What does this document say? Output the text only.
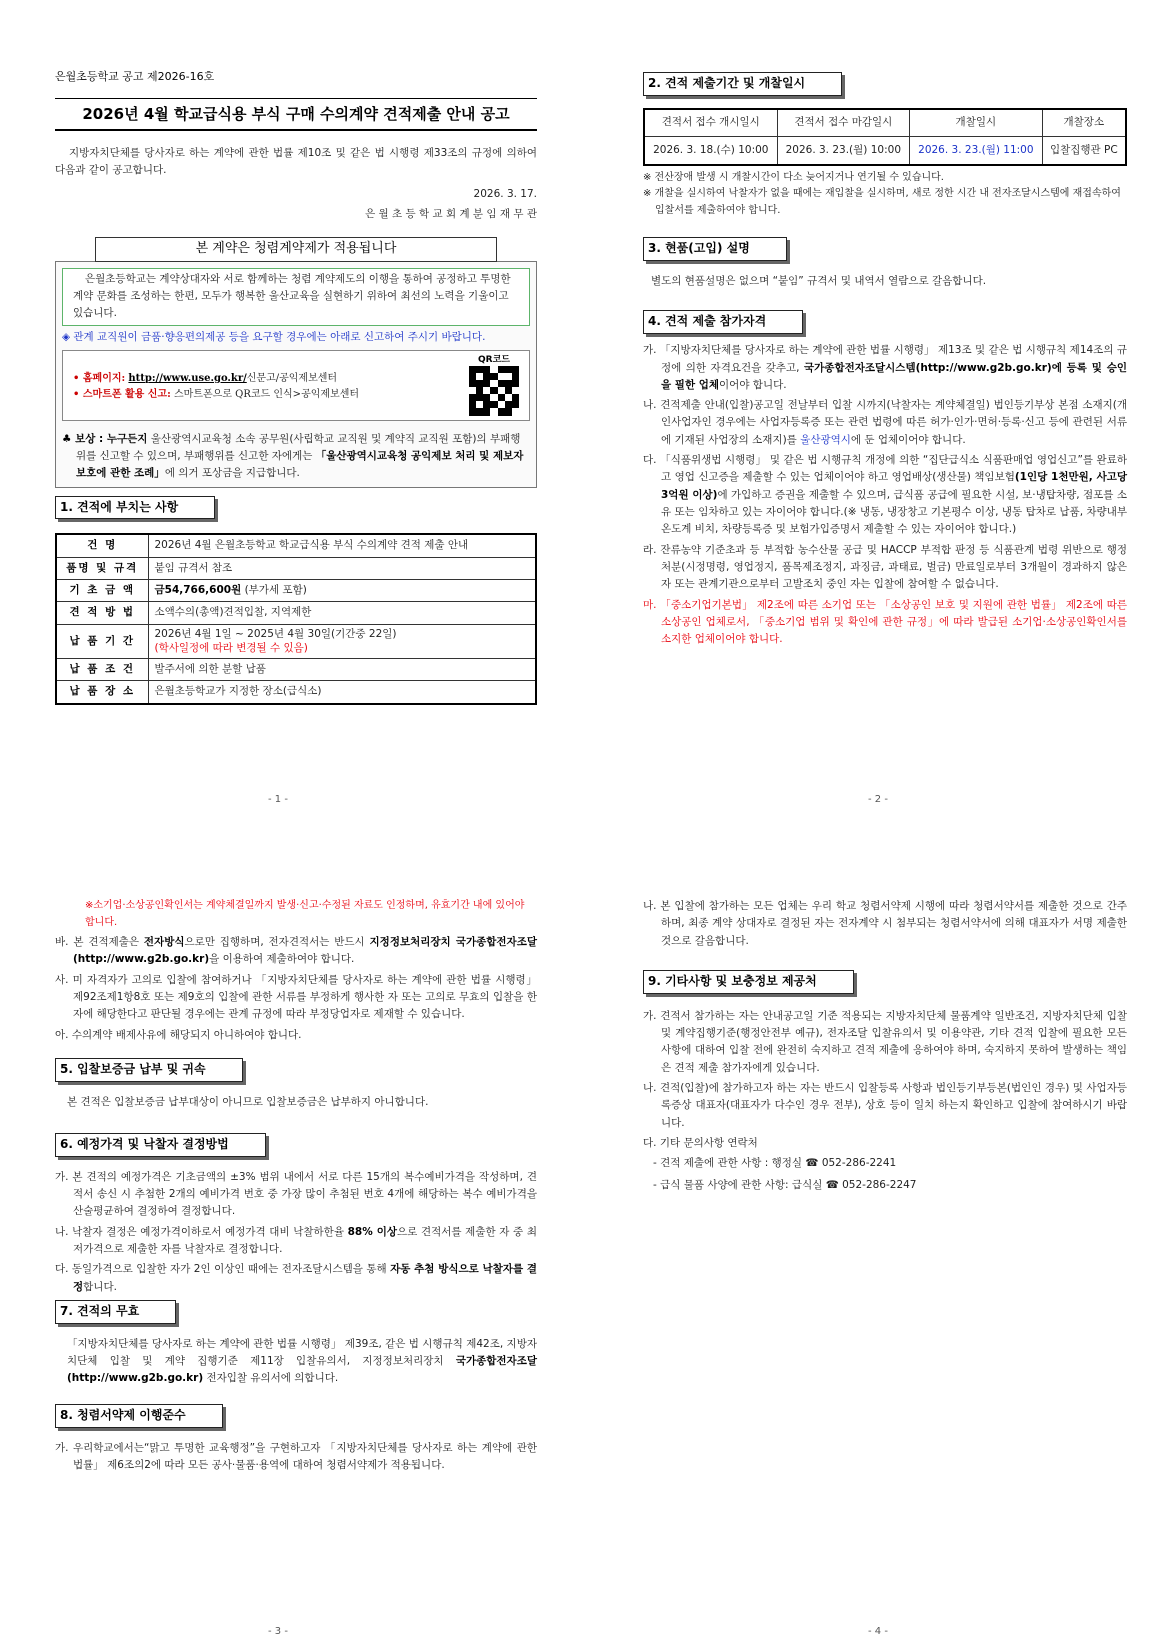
은월초등학교 공고 제2026-16호

2026년 4월 학교급식용 부식 구매 수의계약 견적제출 안내 공고

지방자치단체를 당사자로 하는 계약에 관한 법률 제10조 및 같은 법 시행령 제33조의 규정에 의하여 다음과 같이 공고합니다.

2026. 3. 17.

은 월 초 등 학 교 회 계 분 임 재 무 관

본 계약은 청렴계약제가 적용됩니다
은월초등학교는 계약상대자와 서로 함께하는 청렴 계약제도의 이행을 통하여 공정하고 투명한 계약 문화를 조성하는 한편, 모두가 행복한 울산교육을 실현하기 위하여 최선의 노력을 기울이고 있습니다.

◈ 관계 교직원이 금품·향응편의제공 등을 요구할 경우에는 아래로 신고하여 주시기 바랍니다.

• 홈페이지: http://www.use.go.kr/신문고/공익제보센터

• 스마트폰 활용 신고: 스마트폰으로 QR코드 인식>공익제보센터

QR코드

♣ 보상 : 누구든지 울산광역시교육청 소속 공무원(사립학교 교직원 및 계약직 교직원 포함)의 부패행위를 신고할 수 있으며, 부패행위를 신고한 자에게는 「울산광역시교육청 공익제보 처리 및 제보자 보호에 관한 조례」에 의거 포상금을 지급합니다.

1. 견적에 부치는 사항
건 명	2026년 4월 은월초등학교 학교급식용 부식 수의계약 견적 제출 안내
품명 및 규격	붙임 규격서 참조
기 초 금 액	금54,766,600원 (부가세 포함)
견 적 방 법	소액수의(총액)견적입찰, 지역제한
납 품 기 간	2026년 4월 1일 ~ 2025년 4월 30일(기간중 22일)
(학사일정에 따라 변경될 수 있음)
납 품 조 건	발주서에 의한 분할 납품
납 품 장 소	은월초등학교가 지정한 장소(급식소)
- 1 -
2. 견적 제출기간 및 개찰일시
견적서 접수 개시일시	견적서 접수 마감일시	개찰일시	개찰장소
2026. 3. 18.(수) 10:00	2026. 3. 23.(월) 10:00	2026. 3. 23.(월) 11:00	입찰집행관 PC

※ 전산장애 발생 시 개찰시간이 다소 늦어지거나 연기될 수 있습니다.

※ 개찰을 실시하여 낙찰자가 없을 때에는 재입찰을 실시하며, 새로 정한 시간 내 전자조달시스템에 재접속하여 입찰서를 제출하여야 합니다.

3. 현품(고입) 설명

별도의 현품설명은 없으며 “붙임” 규격서 및 내역서 열람으로 갈음합니다.

4. 견적 제출 참가자격

가. 「지방자치단체를 당사자로 하는 계약에 관한 법률 시행령」 제13조 및 같은 법 시행규칙 제14조의 규정에 의한 자격요건을 갖추고, 국가종합전자조달시스템(http://www.g2b.go.kr)에 등록 및 승인을 필한 업체이어야 합니다.

나. 견적제출 안내(입찰)공고일 전날부터 입찰 시까지(낙찰자는 계약체결일) 법인등기부상 본점 소재지(개인사업자인 경우에는 사업자등록증 또는 관련 법령에 따른 허가·인가·면허·등록·신고 등에 관련된 서류에 기재된 사업장의 소재지)를 울산광역시에 둔 업체이어야 합니다.

다. 「식품위생법 시행령」 및 같은 법 시행규칙 개정에 의한 “집단급식소 식품판매업 영업신고”를 완료하고 영업 신고증을 제출할 수 있는 업체이어야 하고 영업배상(생산물) 책임보험(1인당 1천만원, 사고당 3억원 이상)에 가입하고 증권을 제출할 수 있으며, 급식품 공급에 필요한 시설, 보·냉탑차량, 점포를 소유 또는 임차하고 있는 자이어야 합니다.(※ 냉동, 냉장창고 기본평수 이상, 냉동 탑차로 납품, 차량내부 온도계 비치, 차량등록증 및 보험가입증명서 제출할 수 있는 자이어야 합니다.)

라. 잔류농약 기준초과 등 부적합 농수산물 공급 및 HACCP 부적합 판정 등 식품관계 법령 위반으로 행정처분(시정명령, 영업정지, 품목제조정지, 과징금, 과태료, 벌금) 만료일로부터 3개월이 경과하지 않은 자 또는 관계기관으로부터 고발조치 중인 자는 입찰에 참여할 수 없습니다.

마. 「중소기업기본법」 제2조에 따른 소기업 또는 「소상공인 보호 및 지원에 관한 법률」 제2조에 따른 소상공인 업체로서, 「중소기업 범위 및 확인에 관한 규정」에 따라 발급된 소기업·소상공인확인서를 소지한 업체이어야 합니다.

- 2 -

※소기업·소상공인확인서는 계약체결일까지 발생·신고·수정된 자료도 인정하며, 유효기간 내에 있어야 합니다.

바. 본 견적제출은 전자방식으로만 집행하며, 전자견적서는 반드시 지정정보처리장치 국가종합전자조달(http://www.g2b.go.kr)을 이용하여 제출하여야 합니다.

사. 미 자격자가 고의로 입찰에 참여하거나 「지방자치단체를 당사자로 하는 계약에 관한 법률 시행령」 제92조제1항8호 또는 제9호의 입찰에 관한 서류를 부정하게 행사한 자 또는 고의로 무효의 입찰을 한 자에 해당한다고 판단될 경우에는 관계 규정에 따라 부정당업자로 제재할 수 있습니다.

아. 수의계약 배제사유에 해당되지 아니하여야 합니다.

5. 입찰보증금 납부 및 귀속

본 견적은 입찰보증금 납부대상이 아니므로 입찰보증금은 납부하지 아니합니다.

6. 예정가격 및 낙찰자 결정방법

가. 본 견적의 예정가격은 기초금액의 ±3% 범위 내에서 서로 다른 15개의 복수예비가격을 작성하며, 견적서 송신 시 추첨한 2개의 예비가격 번호 중 가장 많이 추첨된 번호 4개에 해당하는 복수 예비가격을 산술평균하여 결정하여 결정합니다.

나. 낙찰자 결정은 예정가격이하로서 예정가격 대비 낙찰하한율 88% 이상으로 견적서를 제출한 자 중 최저가격으로 제출한 자를 낙찰자로 결정합니다.

다. 동일가격으로 입찰한 자가 2인 이상인 때에는 전자조달시스템을 통해 자동 추첨 방식으로 낙찰자를 결정합니다.

7. 견적의 무효

「지방자치단체를 당사자로 하는 계약에 관한 법률 시행령」 제39조, 같은 법 시행규칙 제42조, 지방자치단체 입찰 및 계약 집행기준 제11장 입찰유의서, 지정정보처리장치 국가종합전자조달(http://www.g2b.go.kr) 전자입찰 유의서에 의합니다.

8. 청렴서약제 이행준수

가. 우리학교에서는“맑고 투명한 교육행정”을 구현하고자 「지방자치단체를 당사자로 하는 계약에 관한 법률」 제6조의2에 따라 모든 공사·물품·용역에 대하여 청렴서약제가 적용됩니다.

- 3 -

나. 본 입찰에 참가하는 모든 업체는 우리 학교 청렴서약제 시행에 따라 청렴서약서를 제출한 것으로 간주하며, 최종 계약 상대자로 결정된 자는 전자계약 시 첨부되는 청렴서약서에 의해 대표자가 서명 제출한 것으로 갈음합니다.

9. 기타사항 및 보충정보 제공처

가. 견적서 참가하는 자는 안내공고일 기준 적용되는 지방자치단체 물품계약 일반조건, 지방자치단체 입찰 및 계약집행기준(행정안전부 예규), 전자조달 입찰유의서 및 이용약관, 기타 견적 입찰에 필요한 모든 사항에 대하여 입찰 전에 완전히 숙지하고 견적 제출에 응하여야 하며, 숙지하지 못하여 발생하는 책임은 견적 제출 참가자에게 있습니다.

나. 견적(입찰)에 참가하고자 하는 자는 반드시 입찰등록 사항과 법인등기부등본(법인인 경우) 및 사업자등록증상 대표자(대표자가 다수인 경우 전부), 상호 등이 일치 하는지 확인하고 입찰에 참여하시기 바랍니다.

다. 기타 문의사항 연락처

- 견적 제출에 관한 사항 : 행정실 ☎ 052-286-2241

- 급식 물품 사양에 관한 사항: 급식실 ☎ 052-286-2247

- 4 -
